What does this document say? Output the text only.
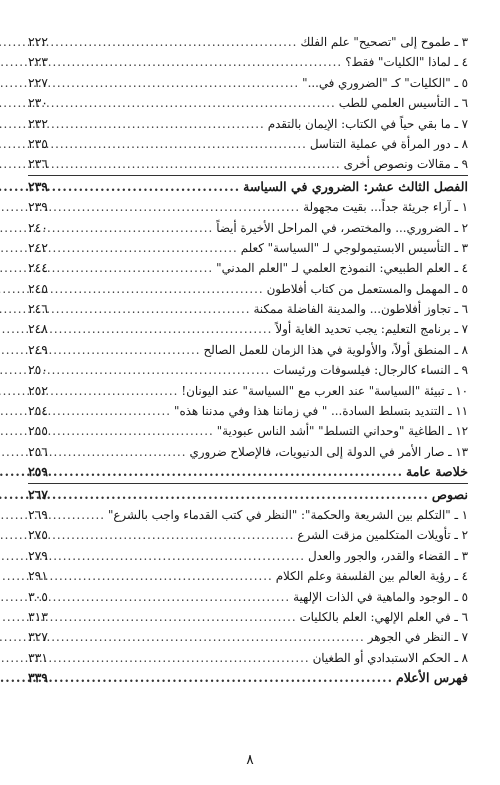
٣ ـ طموح إلى "تصحيح" علم الفلك
.....
٢٢٢
٤ ـ لماذا "الكليات" فقط؟
.....
٢٢٣
٥ ـ "الكليات" كـ "الضروري في..."
.....
٢٢٧
٦ ـ التأسيس العلمي للطب
.....
٢٣٠
٧ ـ ما بقي حياً في الكتاب: الإيمان بالتقدم
.....
٢٣٢
٨ ـ دور المرأة في عملية التناسل
.....
٢٣٥
٩ ـ مقالات ونصوص أخرى
.....
٢٣٦
الفصل الثالث عشر: الضروري في السياسة
.....
٢٣٩
١ ـ آراء جريئة جداً... بقيت مجهولة
.....
٢٣٩
٢ ـ الضروري... والمختصر، في المراحل الأخيرة أيضاً
.....
٢٤٠
٣ ـ التأسيس الابستيمولوجي لـ "السياسة" كعلم
.....
٢٤٢
٤ ـ العلم الطبيعي: النموذج العلمي لـ "العلم المدني"
.....
٢٤٤
٥ ـ المهمل والمستعمل من كتاب أفلاطون
.....
٢٤٥
٦ ـ تجاوز أفلاطون... والمدينة الفاضلة ممكنة
.....
٢٤٦
٧ ـ برنامج التعليم: يجب تحديد الغاية أولاً
.....
٢٤٨
٨ ـ المنطق أولاً، والأولوية في هذا الزمان للعمل الصالح
.....
٢٤٩
٩ ـ النساء كالرجال: فيلسوفات ورئيسات
.....
٢٥٠
١٠ ـ تبيئة "السياسة" عند العرب مع "السياسة" عند اليونان!
.....
٢٥٢
١١ ـ التنديد بتسلط السادة... " في زماننا هذا وفي مدننا هذه"
.....
٢٥٤
١٢ ـ الطاغية "وحداني التسلط" "أشد الناس عبودية"
.....
٢٥٥
١٣ ـ صار الأمر في الدولة إلى الدنيويات، فالإصلاح ضروري
.....
٢٥٦
خلاصة عامة
.....
٢٥٩
نصوص
.....
٢٦٧
١ ـ "التكلم بين الشريعة والحكمة": "النظر في كتب القدماء واجب بالشرع"
.....
٢٦٩
٢ ـ تأويلات المتكلمين مزقت الشرع
.....
٢٧٥
٣ ـ القضاء والقدر، والجور والعدل
.....
٢٧٩
٤ ـ رؤية العالم بين الفلسفة وعلم الكلام
.....
٢٩١
٥ ـ الوجود والماهية في الذات الإلهية
.....
٣٠٥
٦ ـ في العلم الإلهي: العلم بالكليات
.....
٣١٣
٧ ـ النظر في الجوهر
.....
٣٢٧
٨ ـ الحكم الاستبدادي أو الطغيان
.....
٣٣١
فهرس الأعلام
.....
٣٣٩
٨
